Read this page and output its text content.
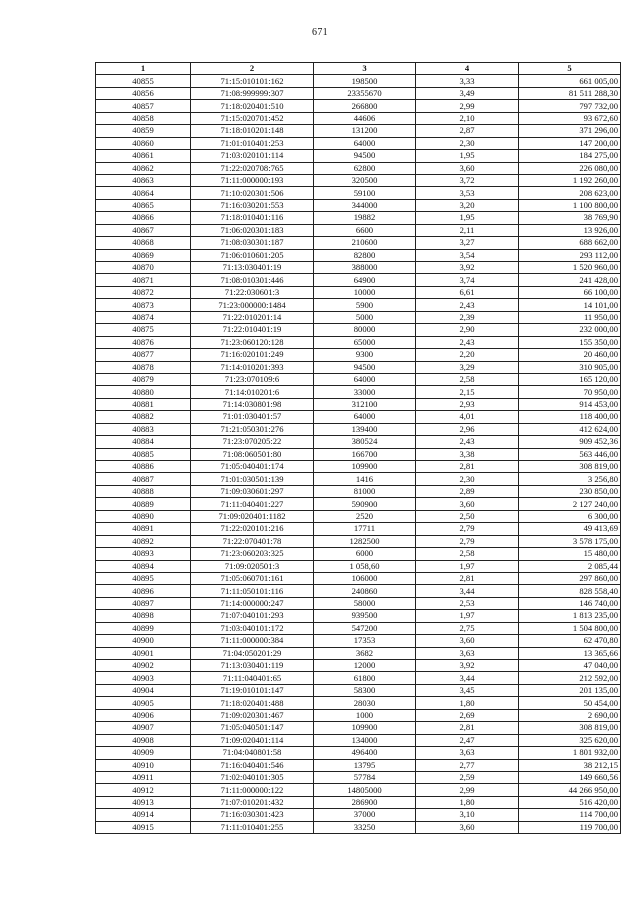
671
1	2	3	4	5
40855	71:15:010101:162	198500	3,33	661 005,00
40856	71:08:999999:307	23355670	3,49	81 511 288,30
40857	71:18:020401:510	266800	2,99	797 732,00
40858	71:15:020701:452	44606	2,10	93 672,60
40859	71:18:010201:148	131200	2,87	371 296,00
40860	71:01:010401:253	64000	2,30	147 200,00
40861	71:03:020101:114	94500	1,95	184 275,00
40862	71:22:020708:765	62800	3,60	226 080,00
40863	71:11:000000:193	320500	3,72	1 192 260,00
40864	71:10:020301:506	59100	3,53	208 623,00
40865	71:16:030201:553	344000	3,20	1 100 800,00
40866	71:18:010401:116	19882	1,95	38 769,90
40867	71:06:020301:183	6600	2,11	13 926,00
40868	71:08:030301:187	210600	3,27	688 662,00
40869	71:06:010601:205	82800	3,54	293 112,00
40870	71:13:030401:19	388000	3,92	1 520 960,00
40871	71:08:010301:446	64900	3,74	241 428,00
40872	71:22:030601:3	10000	6,61	66 100,00
40873	71:23:000000:1484	5900	2,43	14 101,00
40874	71:22:010201:14	5000	2,39	11 950,00
40875	71:22:010401:19	80000	2,90	232 000,00
40876	71:23:060120:128	65000	2,43	155 350,00
40877	71:16:020101:249	9300	2,20	20 460,00
40878	71:14:010201:393	94500	3,29	310 905,00
40879	71:23:070109:6	64000	2,58	165 120,00
40880	71:14:010201:6	33000	2,15	70 950,00
40881	71:14:030801:98	312100	2,93	914 453,00
40882	71:01:030401:57	64000	4,01	118 400,00
40883	71:21:050301:276	139400	2,96	412 624,00
40884	71:23:070205:22	380524	2,43	909 452,36
40885	71:08:060501:80	166700	3,38	563 446,00
40886	71:05:040401:174	109900	2,81	308 819,00
40887	71:01:030501:139	1416	2,30	3 256,80
40888	71:09:030601:297	81000	2,89	230 850,00
40889	71:11:040401:227	590900	3,60	2 127 240,00
40890	71:09:020401:1182	2520	2,50	6 300,00
40891	71:22:020101:216	17711	2,79	49 413,69
40892	71:22:070401:78	1282500	2,79	3 578 175,00
40893	71:23:060203:325	6000	2,58	15 480,00
40894	71:09:020501:3	1 058,60	1,97	2 085,44
40895	71:05:060701:161	106000	2,81	297 860,00
40896	71:11:050101:116	240860	3,44	828 558,40
40897	71:14:000000:247	58000	2,53	146 740,00
40898	71:07:040101:293	939500	1,97	1 813 235,00
40899	71:03:040101:172	547200	2,75	1 504 800,00
40900	71:11:000000:384	17353	3,60	62 470,80
40901	71:04:050201:29	3682	3,63	13 365,66
40902	71:13:030401:119	12000	3,92	47 040,00
40903	71:11:040401:65	61800	3,44	212 592,00
40904	71:19:010101:147	58300	3,45	201 135,00
40905	71:18:020401:488	28030	1,80	50 454,00
40906	71:09:020301:467	1000	2,69	2 690,00
40907	71:05:040501:147	109900	2,81	308 819,00
40908	71:09:020401:114	134000	2,47	325 620,00
40909	71:04:040801:58	496400	3,63	1 801 932,00
40910	71:16:040401:546	13795	2,77	38 212,15
40911	71:02:040101:305	57784	2,59	149 660,56
40912	71:11:000000:122	14805000	2,99	44 266 950,00
40913	71:07:010201:432	286900	1,80	516 420,00
40914	71:16:030301:423	37000	3,10	114 700,00
40915	71:11:010401:255	33250	3,60	119 700,00
